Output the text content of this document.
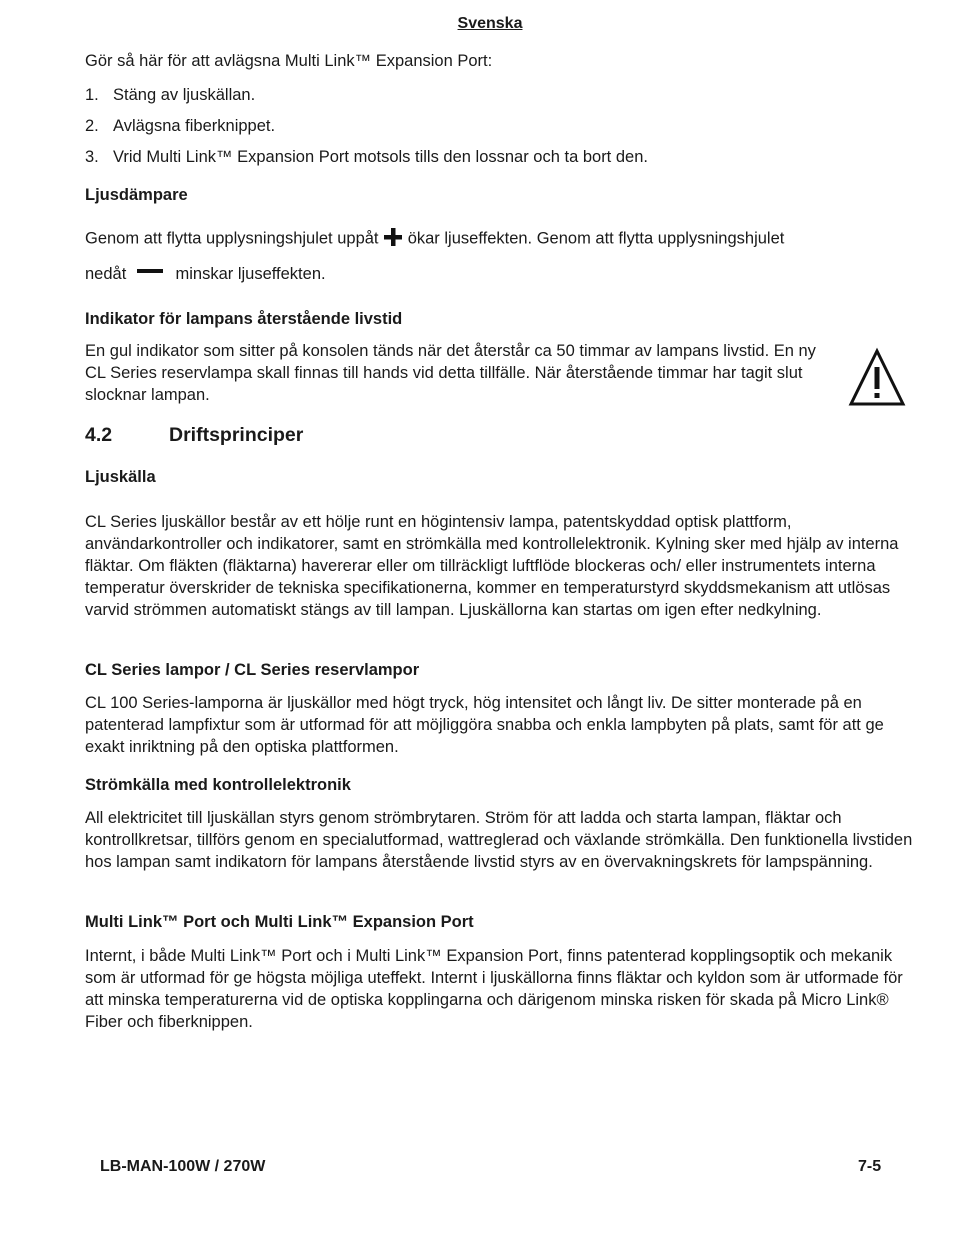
Svenska

Gör så här för att avlägsna Multi Link™ Expansion Port:

1. Stäng av ljuskällan.

2. Avlägsna fiberknippet.

3. Vrid Multi Link™ Expansion Port motsols tills den lossnar och ta bort den.

Ljusdämpare

Genom att flytta upplysningshjulet uppåt ökar ljuseffekten. Genom att flytta upplysningshjulet

nedåt	minskar ljuseffekten.

Indikator för lampans återstående livstid

En gul indikator som sitter på konsolen tänds när det återstår ca 50 timmar av lampans livstid. En ny CL Series reservlampa skall finnas till hands vid detta tillfälle. När återstående timmar har tagit slut slocknar lampan.

4.2	Driftsprinciper
Ljuskälla

CL Series ljuskällor består av ett hölje runt en högintensiv lampa, patentskyddad optisk plattform, användarkontroller och indikatorer, samt en strömkälla med kontrollelektronik. Kylning sker med hjälp av interna fläktar. Om fläkten (fläktarna) havererar eller om tillräckligt luftflöde blockeras och/ eller instrumentets interna temperatur överskrider de tekniska specifikationerna, kommer en temperaturstyrd skyddsmekanism att utlösas varvid strömmen automatiskt stängs av till lampan. Ljuskällorna kan startas om igen efter nedkylning.

CL Series lampor / CL Series reservlampor

CL 100 Series-lamporna är ljuskällor med högt tryck, hög intensitet och långt liv. De sitter monterade på en patenterad lampfixtur som är utformad för att möjliggöra snabba och enkla lampbyten på plats, samt för att ge exakt inriktning på den optiska plattformen.

Strömkälla med kontrollelektronik

All elektricitet till ljuskällan styrs genom strömbrytaren. Ström för att ladda och starta lampan, fläktar och kontrollkretsar, tillförs genom en specialutformad, wattreglerad och växlande strömkälla. Den funktionella livstiden hos lampan samt indikatorn för lampans återstående livstid styrs av en övervakningskrets för lampspänning.

Multi Link™ Port och Multi Link™ Expansion Port

Internt, i både Multi Link™ Port och i Multi Link™ Expansion Port, finns patenterad kopplingsoptik och mekanik som är utformad för ge högsta möjliga uteffekt. Internt i ljuskällorna finns fläktar och kyldon som är utformade för att minska temperaturerna vid de optiska kopplingarna och därigenom minska risken för skada på Micro Link® Fiber och fiberknippen.

LB-MAN-100W / 270W	7-5
